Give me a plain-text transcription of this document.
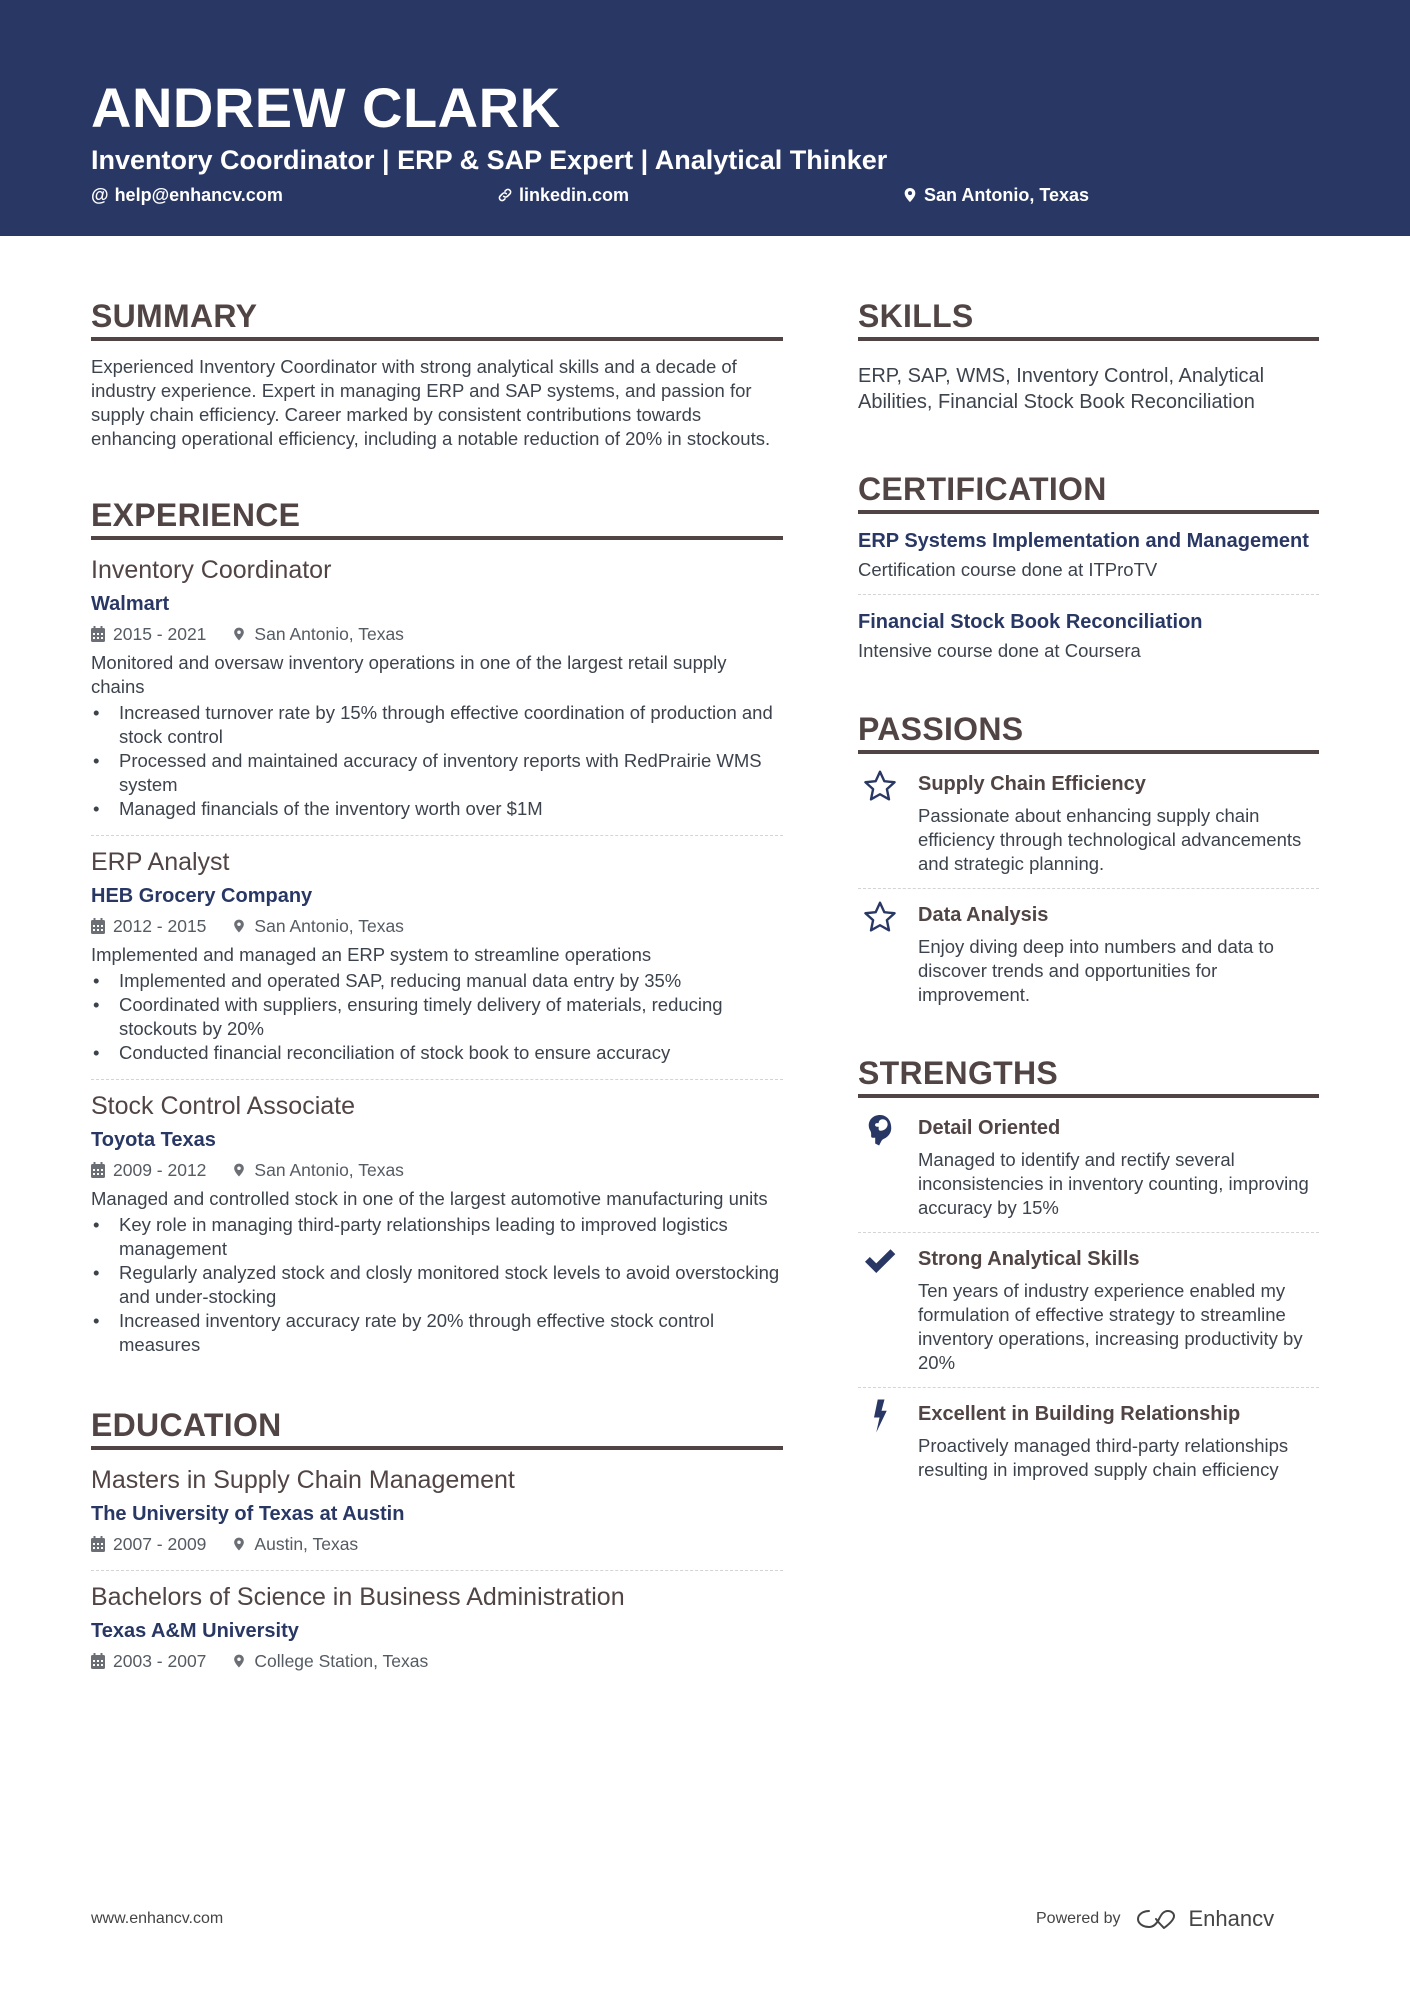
ANDREW CLARK
Inventory Coordinator | ERP & SAP Expert | Analytical Thinker
@ help@enhancv.com	linkedin.com	San Antonio, Texas
SUMMARY

Experienced Inventory Coordinator with strong analytical skills and a decade of industry experience. Expert in managing ERP and SAP systems, and passion for supply chain efficiency. Career marked by consistent contributions towards enhancing operational efficiency, including a notable reduction of 20% in stockouts.

EXPERIENCE
Inventory Coordinator
Walmart
2015 - 2021	San Antonio, Texas

Monitored and oversaw inventory operations in one of the largest retail supply chains

• Increased turnover rate by 15% through effective coordination of production and stock control
• Processed and maintained accuracy of inventory reports with RedPrairie WMS system
• Managed financials of the inventory worth over $1M
ERP Analyst
HEB Grocery Company
2012 - 2015	San Antonio, Texas

Implemented and managed an ERP system to streamline operations

• Implemented and operated SAP, reducing manual data entry by 35%
• Coordinated with suppliers, ensuring timely delivery of materials, reducing stockouts by 20%
• Conducted financial reconciliation of stock book to ensure accuracy
Stock Control Associate
Toyota Texas
2009 - 2012	San Antonio, Texas

Managed and controlled stock in one of the largest automotive manufacturing units

• Key role in managing third-party relationships leading to improved logistics management
• Regularly analyzed stock and closly monitored stock levels to avoid overstocking and under-stocking
• Increased inventory accuracy rate by 20% through effective stock control measures
EDUCATION
Masters in Supply Chain Management
The University of Texas at Austin
2007 - 2009	Austin, Texas
Bachelors of Science in Business Administration
Texas A&M University
2003 - 2007	College Station, Texas
SKILLS

ERP, SAP, WMS, Inventory Control, Analytical Abilities, Financial Stock Book Reconciliation

CERTIFICATION
ERP Systems Implementation and Management
Certification course done at ITProTV
Financial Stock Book Reconciliation
Intensive course done at Coursera
PASSIONS
Supply Chain Efficiency
Passionate about enhancing supply chain efficiency through technological advancements and strategic planning.
Data Analysis
Enjoy diving deep into numbers and data to discover trends and opportunities for improvement.
STRENGTHS
Detail Oriented
Managed to identify and rectify several inconsistencies in inventory counting, improving accuracy by 15%
Strong Analytical Skills
Ten years of industry experience enabled my formulation of effective strategy to streamline inventory operations, increasing productivity by 20%
Excellent in Building Relationship
Proactively managed third-party relationships resulting in improved supply chain efficiency
www.enhancv.com	Powered by	Enhancv
